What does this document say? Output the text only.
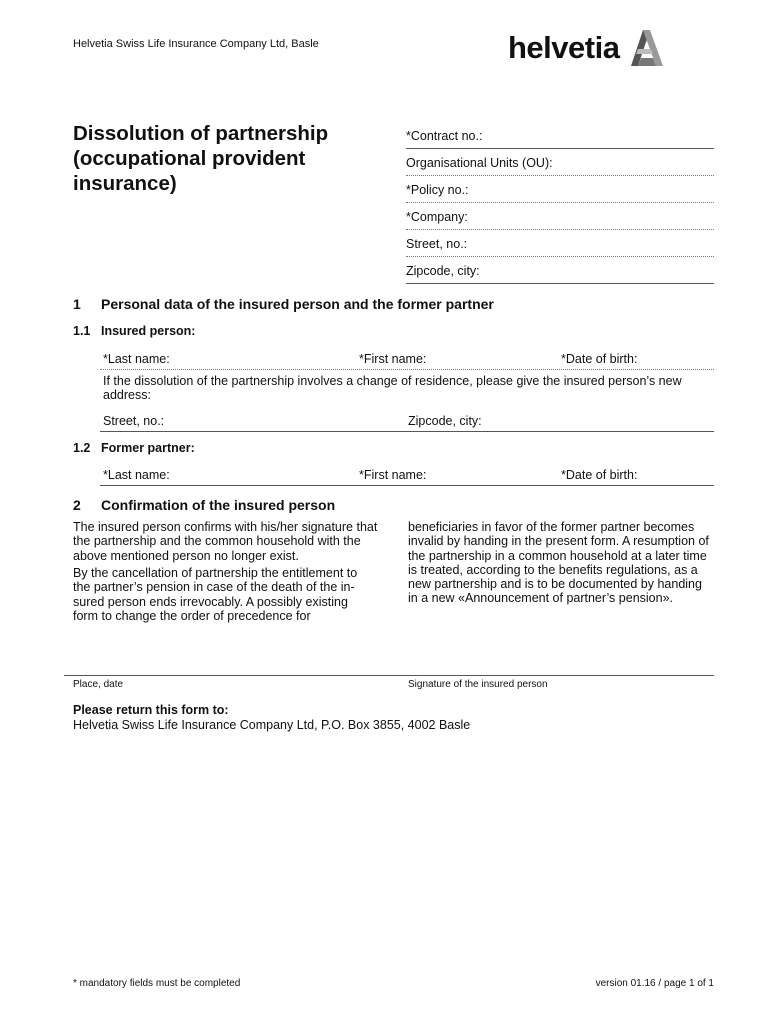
Helvetia Swiss Life Insurance Company Ltd, Basle	helvetia
Dissolution of partnership
(occupational provident
insurance)
*Contract no.:
Organisational Units (OU):
*Policy no.:
*Company:
Street, no.:
Zipcode, city:
1 Personal data of the insured person and the former partner
1.1 Insured person:
*Last name:	*First name:	*Date of birth:
If the dissolution of the partnership involves a change of residence, please give the insured person’s new address:
Street, no.:	Zipcode, city:
1.2 Former partner:
*Last name:	*First name:	*Date of birth:
2 Confirmation of the insured person
The insured person confirms with his/her signature that the partnership and the common household with the above mentioned person no longer exist.
By the cancellation of partnership the entitlement to the partner’s pension in case of the death of the in-sured person ends irrevocably. A possibly existing form to change the order of precedence for
beneficiaries in favor of the former partner becomes invalid by handing in the present form. A resumption of the partnership in a common household at a later time is treated, according to the benefits regulations, as a new partnership and is to be documented by handing in a new «Announcement of partner’s pension».
Place, date	Signature of the insured person
Please return this form to:
Helvetia Swiss Life Insurance Company Ltd, P.O. Box 3855, 4002 Basle
* mandatory fields must be completed	version 01.16 / page 1 of 1
